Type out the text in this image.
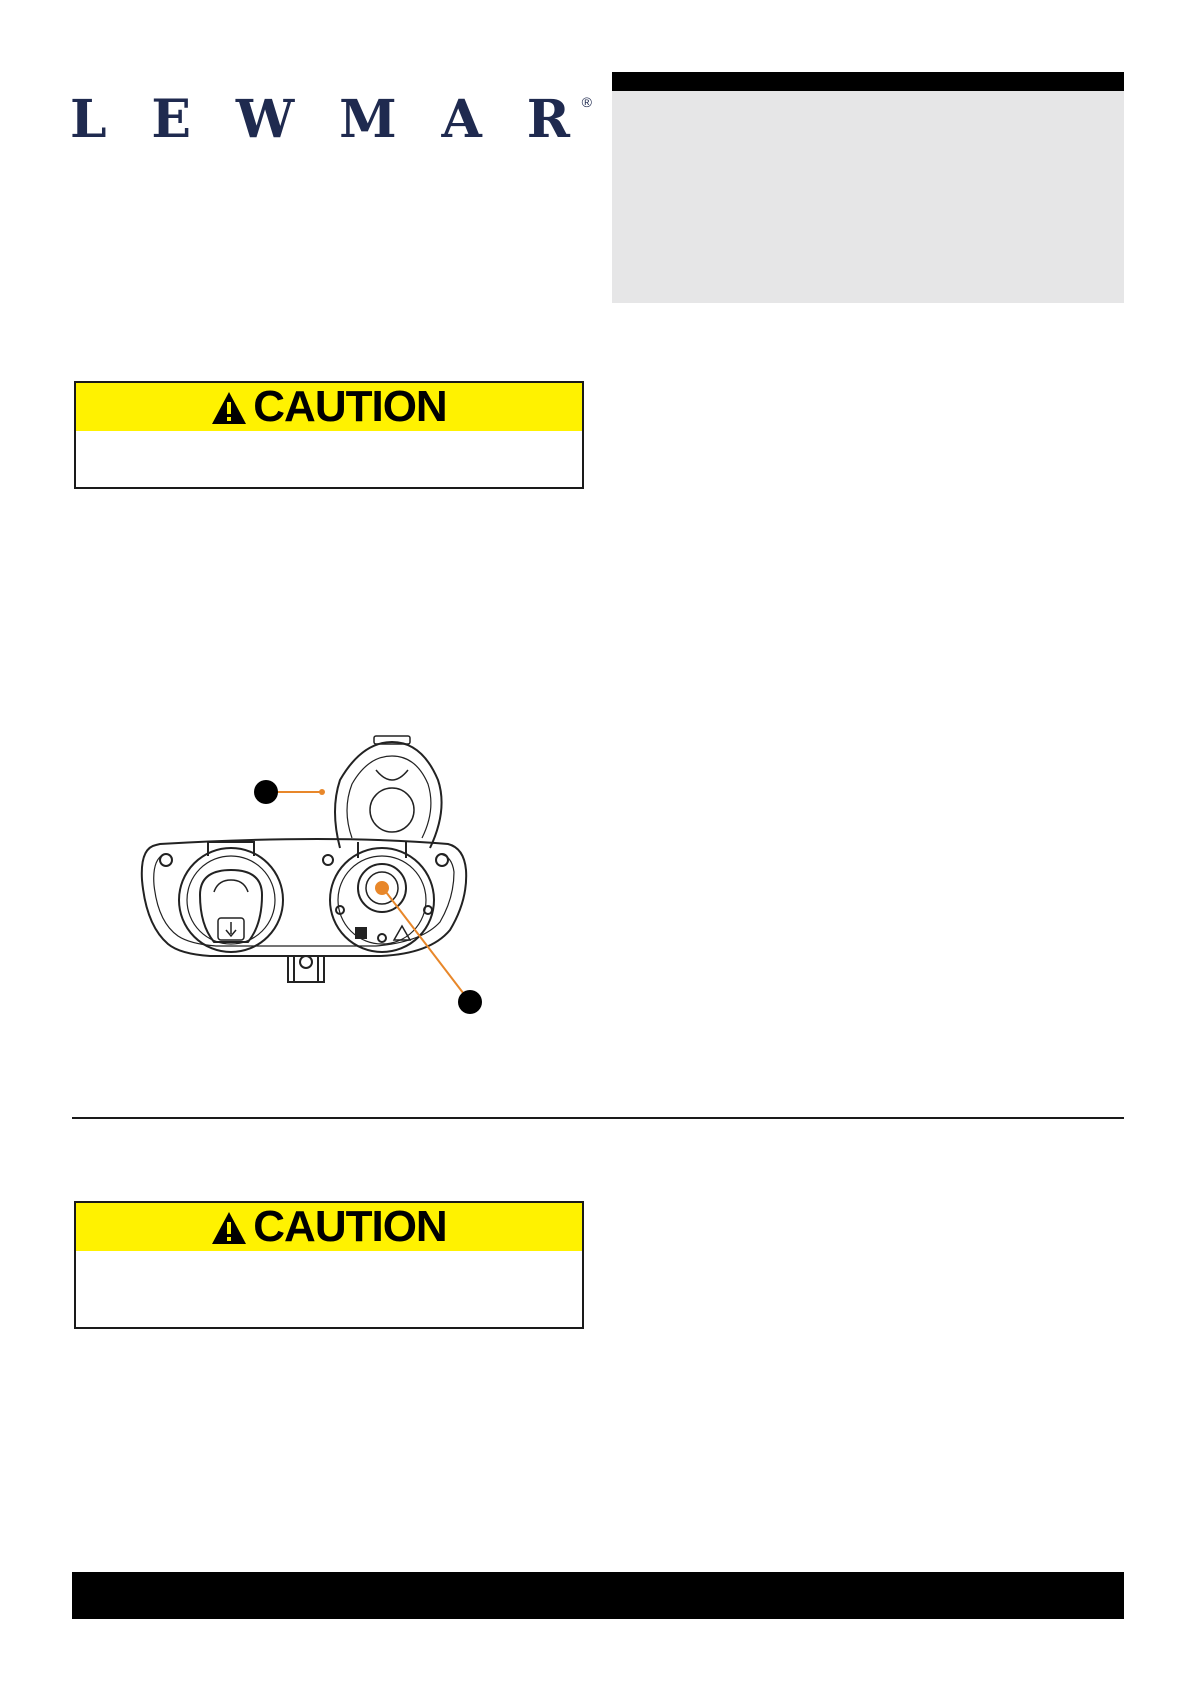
L E W M A R ®
CAUTION
CAUTION
